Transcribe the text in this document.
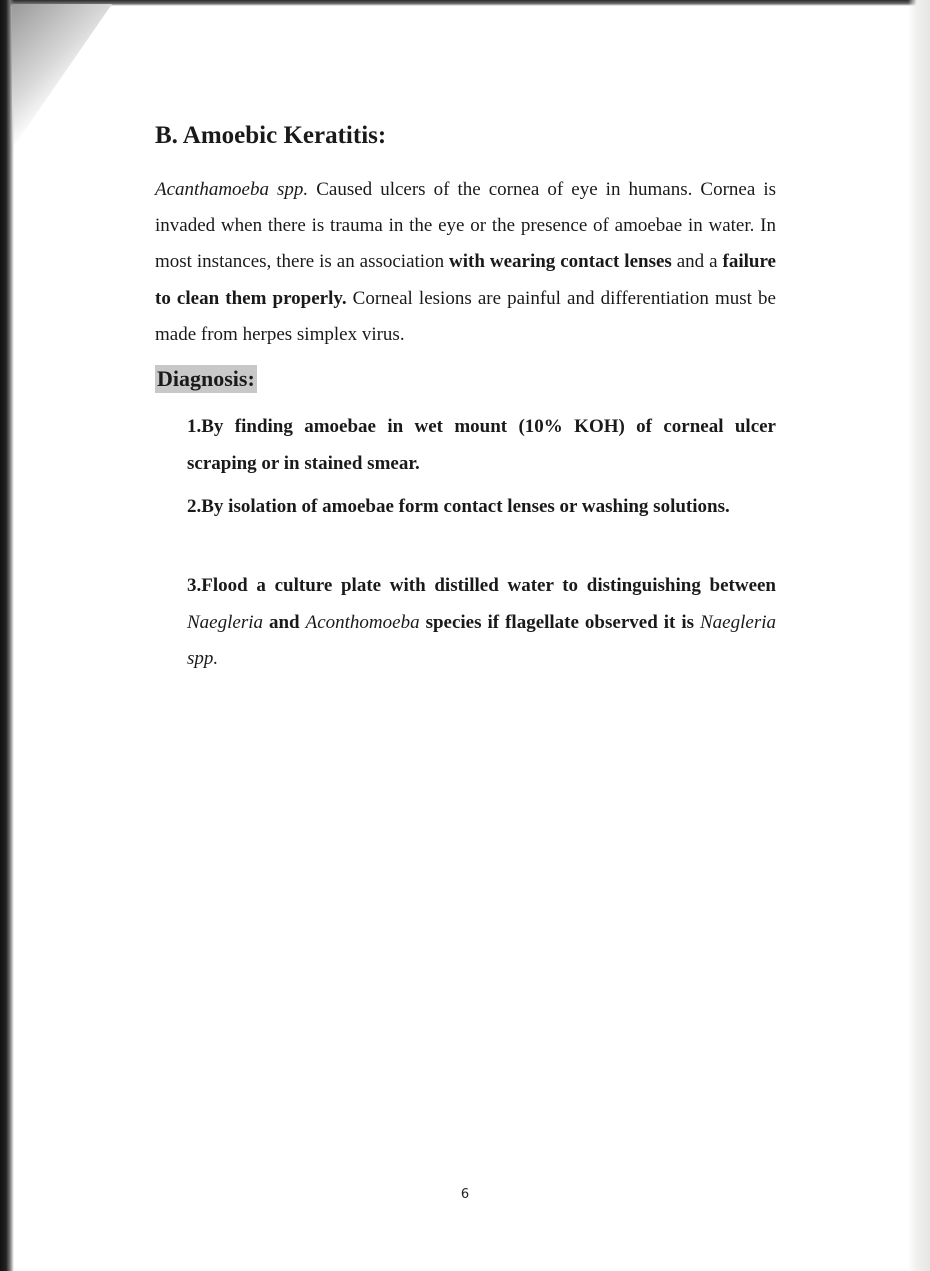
B. Amoebic Keratitis:

Acanthamoeba spp. Caused ulcers of the cornea of eye in humans. Cornea is invaded when there is trauma in the eye or the presence of amoebae in water. In most instances, there is an association with wearing contact lenses and a failure to clean them properly. Corneal lesions are painful and differentiation must be made from herpes simplex virus.

Diagnosis:

1.By finding amoebae in wet mount (10% KOH) of corneal ulcer scraping or in stained smear.

2.By isolation of amoebae form contact lenses or washing solutions.

3.Flood a culture plate with distilled water to distinguishing between Naegleria and Aconthomoeba species if flagellate observed it is Naegleria spp.

6
